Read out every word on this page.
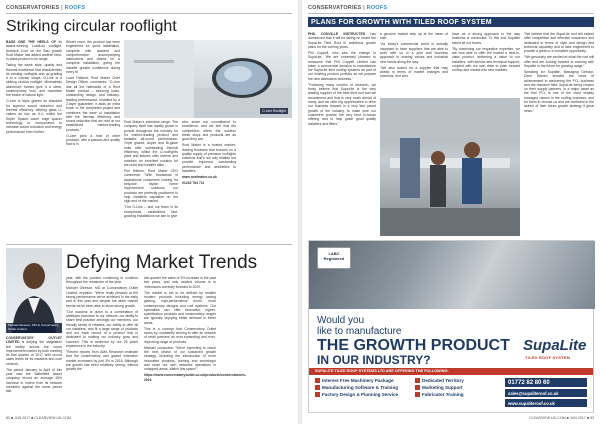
CONSERVATORIES | ROOFS
Striking circular rooflight

BASE ONE THE HEELS OF its award-winning LoadLok rooflight, Ambient Core on the Bau growth Roof Maker has added another best-in-class product to its range.

Taking the same style, quality and thermal excellence that characterises its existing rooflights and up-grading it to a circular shape, O-Line is a striking circular rooflight. Minimalistic aluminium frames give it a sleek, contemporary look, and maximise the intake of natural light.

O-Line is triple glazed as standard for superior sound reduction and thermal efficiency, offering glass U-values as low as 0.4, whilst the Super Spacer warm edge spacer technology is incorporated to increase sound reduction and energy performance even further.

What's more, the product has been engineered for quick installation, complete with upstand and comprehensive accompanying instructions and videos for a complete installation, giving the installer greater confidence during every fit.

Lucie Holland, Roof Maker Chief Design Officer, comments: "O-Line has all the hallmarks of a Roof Maker product – stunning looks, outstanding design, and industry-leading performance. Installed by a 2-layer guarantee, it adds an extra touch to the completed project and combines the ease of installation with the thermal efficiency and sound reduction that we hold at our established market-leading products."

O-Line joins a host of other products, with a passion and quality that is in

Roof Maker's extensive range. The company itself has rapidly grown in pursuit throughout the industry for it's market-leading product and fantastic all-round performance. Triple glazed, Aspex and Bi-glaze units offer outstanding thermal efficiency, whilst the U-rooflight's plant and fixtures offer diverse and maintain an excellent solution for the build and installer alike.

Phil Hillmen, Roof Maker CEO comments: "With thousands of aspirational consumers looking for bespoke, stylish home improvement solutions, our products are perfectly positioned to help installers capitalise on the high-end of the market.

"Our O-Line – and our team in its exceptional, established, fast-growing installations we aim to give

who share our commitment to excellence, and we feel that the competition offers the solution these stops and products are as good they are.

Roof Maker is a trusted market-leading business that focuses on a quality supply of premium rooflights solutions that's not only reliable but provide improved outstanding performance and aesthetics to installers.

www.roofmaker.co.uk

01243 784 711

O-Line Rooflight
Michael Gleeson, MD at Conservatory Outlet Limited
Defying Market Trends

CONSERVATORY OUTLET LIMITED is defying the stagnation felt widely across the home improvement market by both meeting its first quarter of 2017 with record sales levels for its installers and core network.

The period January to April of this year saw the Wakefield based company record an average 15% increase in orders from its network members against the same period last

year, with the position continuing to continue throughout the remainder of the year.

Michael Gleeson, MD at Conservatory Outlet Limited, explains: "We're really pleased at the strong performance we've achieved in the early part of this year and despite the wider market trends we've been able to show strong growth.

"Our success is down to a combination of attributes exclusive to our network, our ability to share best practice amongst our members, our friendly family of retailers, our ability to offer all our installers, and fit a large range of products and our track record of a product that is dedicated to making our industry grow and succeed. This is achieved by our 25 years experience in the industry.

"Recent reports from AMA Research estimate that the conservatory and glazed extension market increased by just 3% in 2016. Although the growth has been relatively strong, without growth the

last quarter the sales of 3% increase in the past two years, and only modest volume is to 'extensions currently forecast to 2020.

The market is set to be defined by smaller modern products including energy saving glazing, high-performance doors, more contemporary designs and roof systems. Our specialists can offer innovative, higher-specification products and conservatory ranges are typically enjoying better demand in these areas.

This is a concept that Conservatory Outlet works by, constantly striving to offer its network of retail partners an ever-expanding and ever-improving range of products.

Michael concludes: "We're expecting to reach the next phase of our sustained growth strategy, including the introduction of more innovative products, training and workshops and close our own networks operations in untapped areas. Watch this space!"

https://www.conservatoryoutlet.co.uk/products/conservatories-2016

82 ■ JUN 2017 ■ CLEARVIEW-UK.COM
CONSERVATORIES | ROOFS
PLANS FOR GROWTH WITH TILED ROOF SYSTEM

PHIL CONVILLE INSTRUCTED has announced that it will be taking on board the SupaLite Tiled Roof in ambitious growth plans for the coming years.

Phil Coppell, who saw the change to SupaLite, 'We are extremely pleased to announce that Phil Coppell Limited has taken a commercial decision to manufacture the SupaLite tiled roofing systems as part of our existing product portfolio as we prepare the new fabricators business.'

"Following many months of research, we firmly believe that SupaLite is the very leading supplier of the best tiled roof and we recommend and that is very much ahead of many, and we offer big opportunities to drive our business forward in a very fast paced growth of the industry, to make sure our customers provide the very best in-house offering and to help guide good quality installers and fitters."

a genuine market step up at the mean of sale.

"As today's commercial world is actually important to have suppliers that are able to work with us in a joint and business approach to sharing values and industrial new hands along the way.

"We also looked for a supplier that may ahead in terms of market changes and solutions, and who

have as a strong approach to the way business is conducted. To this end Supalite ticked all our boxes.

"By combining our respective expertise, we are now able to offer the market a best-in-class product, delivering a value to our installers, with service and technical support, coupled with our own drive to push forward rooftop and market into new markets.

"We believe that the SupaLite roof will indeed offer competitive and effective customers and dedicated in terms of style and design and technical capability and to take engineered to provide a great or a complete opportunity.

"We genuinely are excited at what the roof will offer and are looking forward to working with Supalite in the future for growing range."

Speaking for Supalite, Managing Director, Dave Warren showed the news of achievement in welcoming the PCL business and the research field: SupaLite being chosen on their supply partners, is a major asset as the first PCL is one of the most reliably managed names in the roofing business, and for them to choose us and are confident in the launch of their future growth strategy it great news."

LABC Registered
Would you
like to manufacture
THE GROWTH PRODUCT
IN OUR INDUSTRY?
SupaLite
TILED ROOF SYSTEM
SUPALITE TILED ROOF SYSTEMS LTD ARE OFFERING THE FOLLOWING:
Interest Free Machinery Package	Dedicated Territory
Manufacturing Software & Training	Marketing Support
Factory Design & Planning Service	Fabricator Training
01772 82 80 60
sales@supaliteroof.co.uk
www.supaliteroof.co.uk
CLEARVIEW-UK.COM ■ JUN 2017 ■ 83
